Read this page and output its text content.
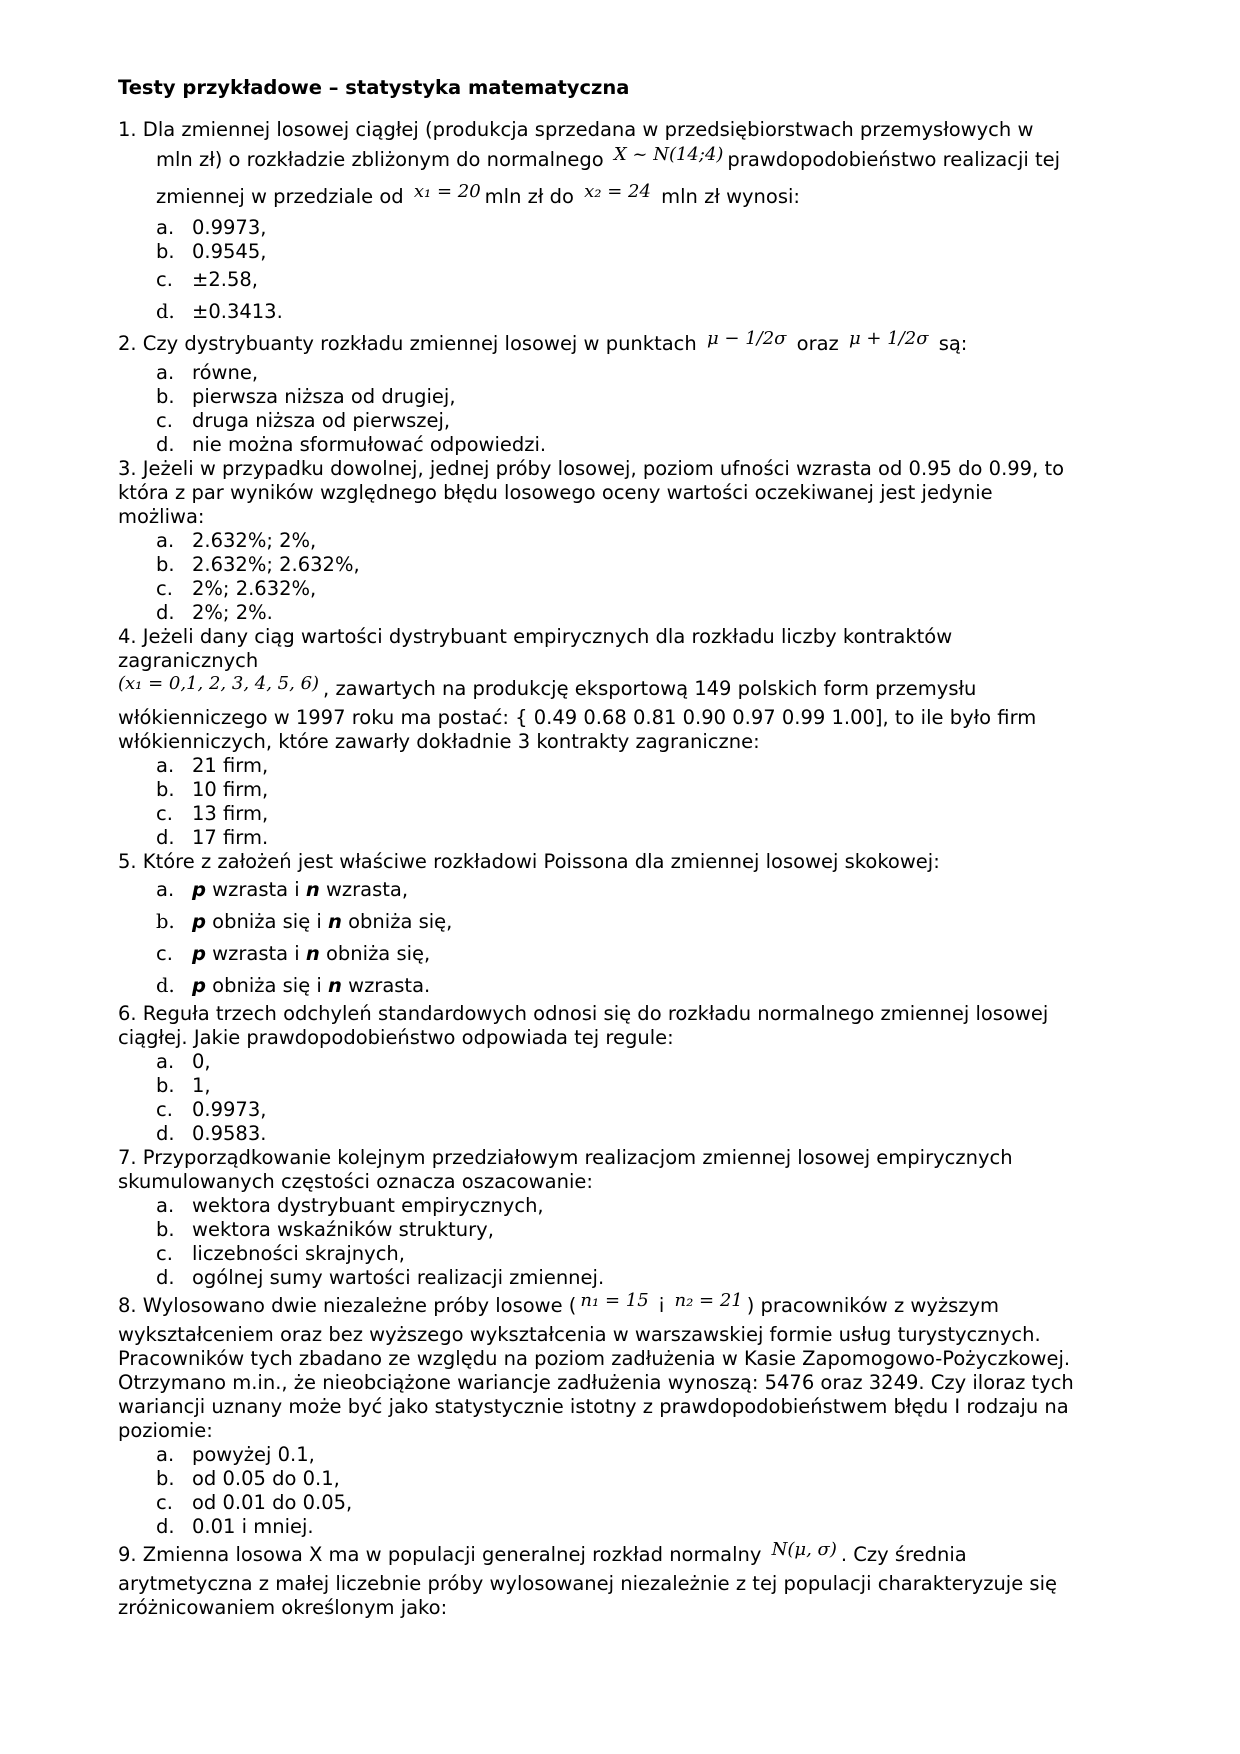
Testy przykładowe – statystyka matematyczna
1. Dla zmiennej losowej ciągłej (produkcja sprzedana w przedsiębiorstwach przemysłowych w
mln zł) o rozkładzie zbliżonym do normalnego X ~ N(14;4) prawdopodobieństwo realizacji tej
zmiennej w przedziale od x₁ = 20 mln zł do x₂ = 24 mln zł wynosi:
a. 0.9973,
b. 0.9545,
c. ±2.58,
d. ±0.3413.
2. Czy dystrybuanty rozkładu zmiennej losowej w punktach μ − 1/2σ oraz μ + 1/2σ są:
a. równe,
b. pierwsza niższa od drugiej,
c. druga niższa od pierwszej,
d. nie można sformułować odpowiedzi.
3. Jeżeli w przypadku dowolnej, jednej próby losowej, poziom ufności wzrasta od 0.95 do 0.99, to
która z par wyników względnego błędu losowego oceny wartości oczekiwanej jest jedynie
możliwa:
a. 2.632%; 2%,
b. 2.632%; 2.632%,
c. 2%; 2.632%,
d. 2%; 2%.
4. Jeżeli dany ciąg wartości dystrybuant empirycznych dla rozkładu liczby kontraktów
zagranicznych
(x₁ = 0,1, 2, 3, 4, 5, 6) , zawartych na produkcję eksportową 149 polskich form przemysłu
włókienniczego w 1997 roku ma postać: { 0.49 0.68 0.81 0.90 0.97 0.99 1.00], to ile było firm
włókienniczych, które zawarły dokładnie 3 kontrakty zagraniczne:
a. 21 firm,
b. 10 firm,
c. 13 firm,
d. 17 firm.
5. Które z założeń jest właściwe rozkładowi Poissona dla zmiennej losowej skokowej:
a. p wzrasta i n wzrasta,
b. p obniża się i n obniża się,
c. p wzrasta i n obniża się,
d. p obniża się i n wzrasta.
6. Reguła trzech odchyleń standardowych odnosi się do rozkładu normalnego zmiennej losowej
ciągłej. Jakie prawdopodobieństwo odpowiada tej regule:
a. 0,
b. 1,
c. 0.9973,
d. 0.9583.
7. Przyporządkowanie kolejnym przedziałowym realizacjom zmiennej losowej empirycznych
skumulowanych częstości oznacza oszacowanie:
a. wektora dystrybuant empirycznych,
b. wektora wskaźników struktury,
c. liczebności skrajnych,
d. ogólnej sumy wartości realizacji zmiennej.
8. Wylosowano dwie niezależne próby losowe ( n₁ = 15 i n₂ = 21 ) pracowników z wyższym
wykształceniem oraz bez wyższego wykształcenia w warszawskiej formie usług turystycznych.
Pracowników tych zbadano ze względu na poziom zadłużenia w Kasie Zapomogowo-Pożyczkowej.
Otrzymano m.in., że nieobciążone wariancje zadłużenia wynoszą: 5476 oraz 3249. Czy iloraz tych
wariancji uznany może być jako statystycznie istotny z prawdopodobieństwem błędu I rodzaju na
poziomie:
a. powyżej 0.1,
b. od 0.05 do 0.1,
c. od 0.01 do 0.05,
d. 0.01 i mniej.
9. Zmienna losowa X ma w populacji generalnej rozkład normalny N(μ, σ) . Czy średnia
arytmetyczna z małej liczebnie próby wylosowanej niezależnie z tej populacji charakteryzuje się
zróżnicowaniem określonym jako:
